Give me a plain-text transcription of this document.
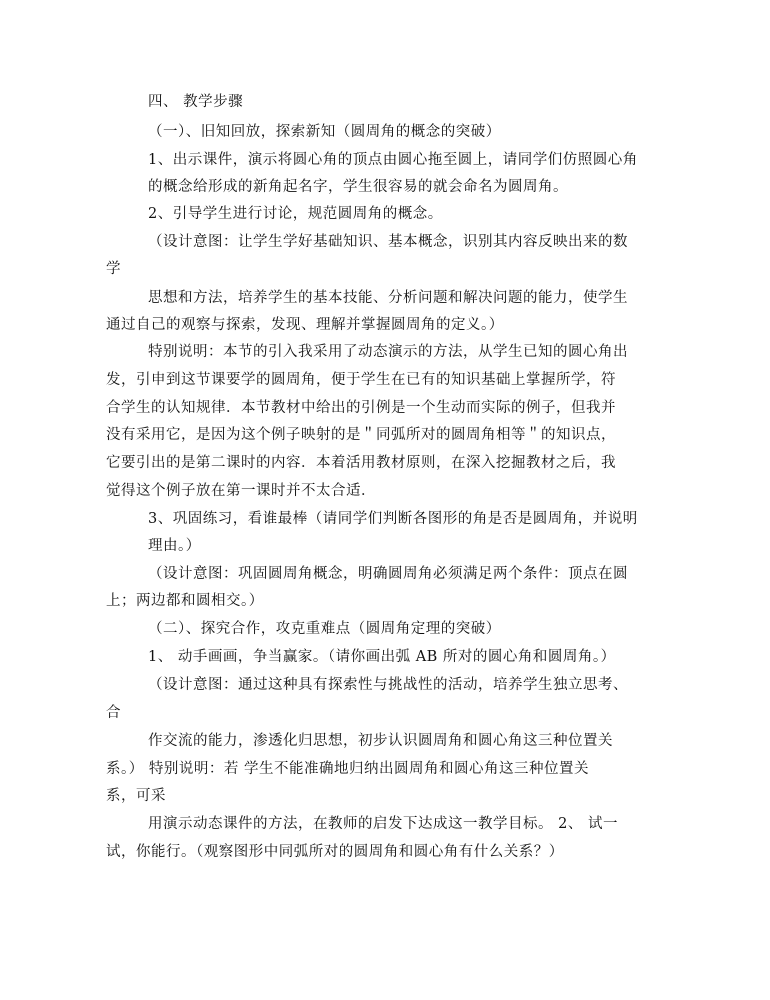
四、 教学步骤
（一）、旧知回放，探索新知（圆周角的概念的突破）
1、出示课件，演示将圆心角的顶点由圆心拖至圆上，请同学们仿照圆心角
的概念给形成的新角起名字，学生很容易的就会命名为圆周角。
2、引导学生进行讨论，规范圆周角的概念。
（设计意图：让学生学好基础知识、基本概念，识别其内容反映出来的数
学
思想和方法，培养学生的基本技能、分析问题和解决问题的能力，使学生
通过自己的观察与探索，发现、理解并掌握圆周角的定义。）
特别说明：本节的引入我采用了动态演示的方法，从学生已知的圆心角出
发，引申到这节课要学的圆周角，便于学生在已有的知识基础上掌握所学，符
合学生的认知规律．本节教材中给出的引例是一个生动而实际的例子，但我并
没有采用它，是因为这个例子映射的是＂同弧所对的圆周角相等＂的知识点，
它要引出的是第二课时的内容．本着活用教材原则，在深入挖掘教材之后，我
觉得这个例子放在第一课时并不太合适．
3、巩固练习，看谁最棒（请同学们判断各图形的角是否是圆周角，并说明
理由。）
（设计意图：巩固圆周角概念，明确圆周角必须满足两个条件：顶点在圆
上；两边都和圆相交。）
（二）、探究合作，攻克重难点（圆周角定理的突破）
1、 动手画画，争当赢家。（请你画出弧 AB 所对的圆心角和圆周角。）
（设计意图：通过这种具有探索性与挑战性的活动，培养学生独立思考、
合
作交流的能力，渗透化归思想，初步认识圆周角和圆心角这三种位置关
系。） 特别说明：若 学生不能准确地归纳出圆周角和圆心角这三种位置关
系，可采
用演示动态课件的方法，在教师的启发下达成这一教学目标。 2、 试一
试，你能行。（观察图形中同弧所对的圆周角和圆心角有什么关系？）
